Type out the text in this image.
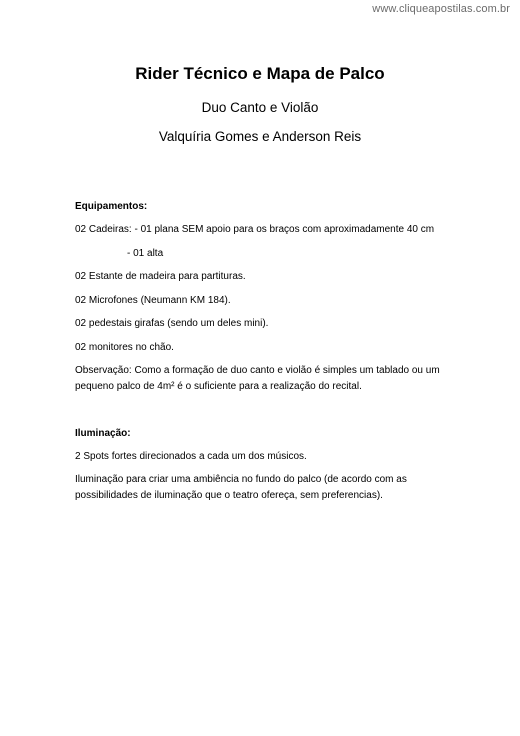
www.cliqueapostilas.com.br
Rider Técnico e Mapa de Palco
Duo Canto e Violão
Valquíria Gomes e Anderson Reis
Equipamentos:
02 Cadeiras: - 01 plana SEM apoio para os braços com aproximadamente 40 cm
- 01 alta
02 Estante de madeira para partituras.
02 Microfones (Neumann KM 184).
02 pedestais girafas (sendo um deles mini).
02 monitores no chão.
Observação: Como a formação de duo canto e violão é simples um tablado ou um
pequeno palco de 4m² é o suficiente para a realização do recital.
Iluminação:
2 Spots fortes direcionados a cada um dos músicos.
Iluminação para criar uma ambiência no fundo do palco (de acordo com as
possibilidades de iluminação que o teatro ofereça, sem preferencias).
